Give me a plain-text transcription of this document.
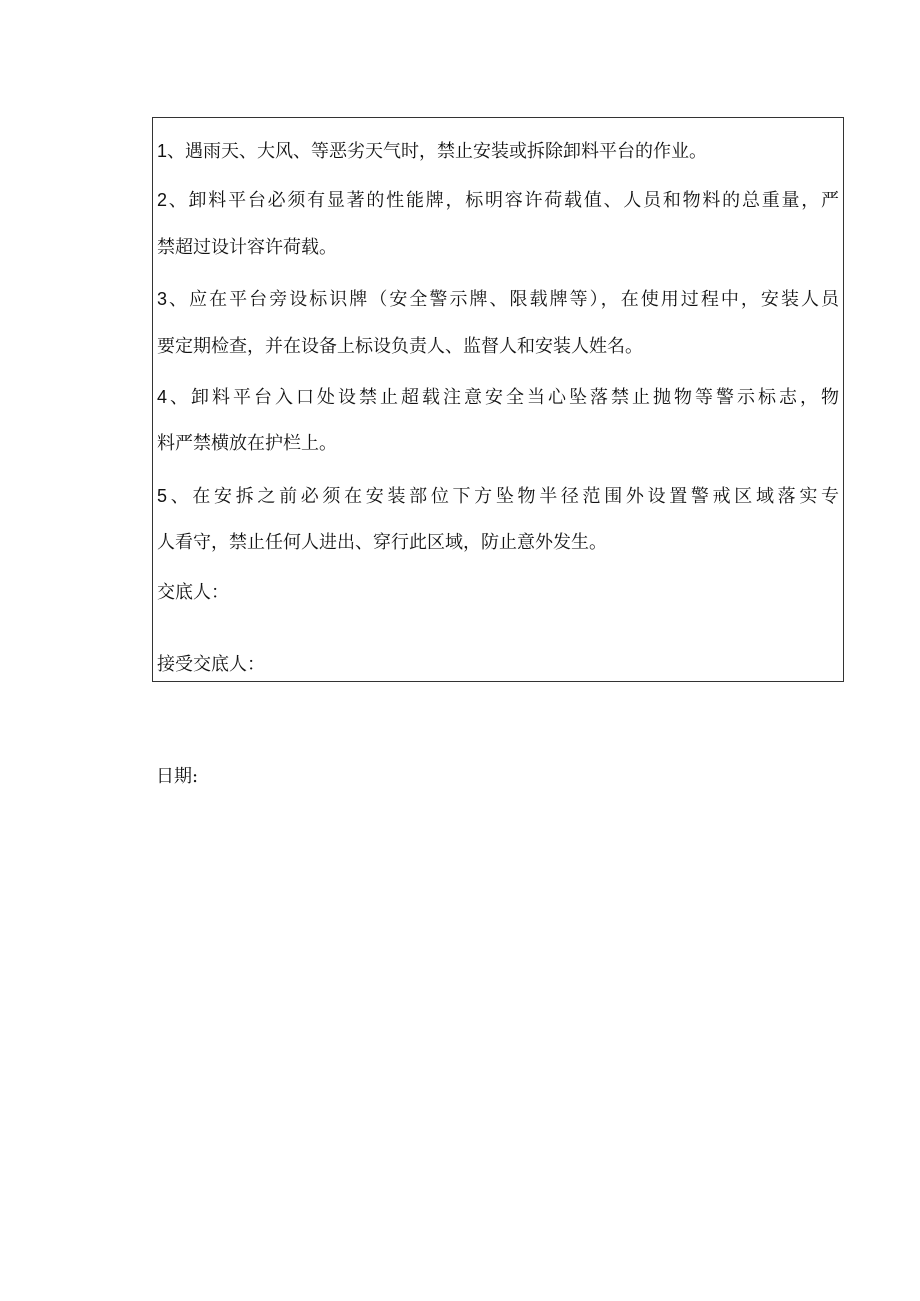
1、遇雨天、大风、等恶劣天气时，禁止安装或拆除卸料平台的作业。
2、卸料平台必须有显著的性能牌，标明容许荷载值、人员和物料的总重量，严
禁超过设计容许荷载。
3、应在平台旁设标识牌（安全警示牌、限载牌等），在使用过程中，安装人员
要定期检查，并在设备上标设负责人、监督人和安装人姓名。
4、卸料平台入口处设禁止超载注意安全当心坠落禁止抛物等警示标志，物
料严禁横放在护栏上。
5、在安拆之前必须在安装部位下方坠物半径范围外设置警戒区域落实专
人看守，禁止任何人进出、穿行此区域，防止意外发生。
交底人：
接受交底人：
日期:
